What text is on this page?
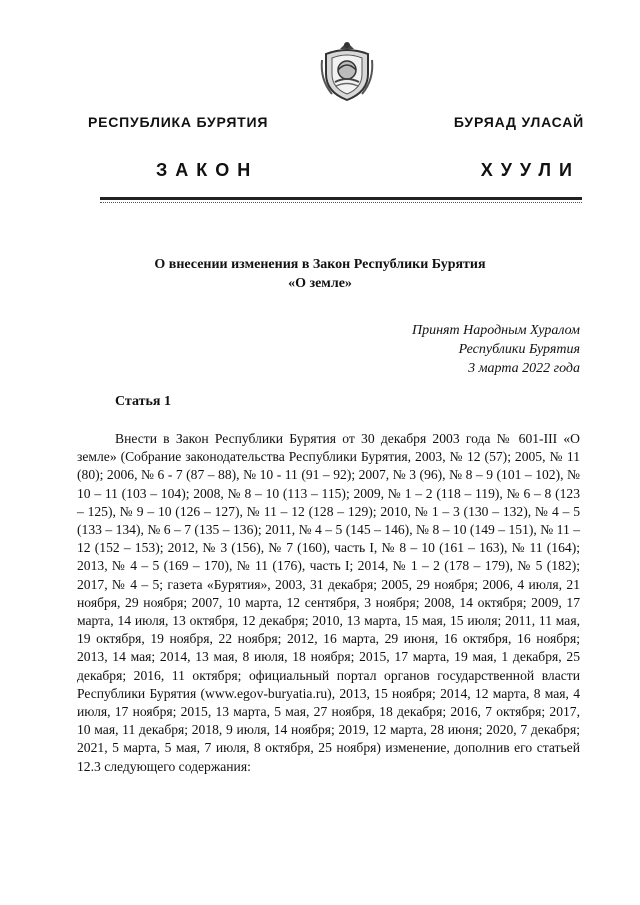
РЕСПУБЛИКА БУРЯТИЯ	БУРЯАД УЛАСАЙ
ЗАКОН	ХУУЛИ
О внесении изменения в Закон Республики Бурятия
«О земле»
Принят Народным Хуралом
Республики Бурятия
3 марта 2022 года
Статья 1

Внести в Закон Республики Бурятия от 30 декабря 2003 года № 601-III «О земле» (Собрание законодательства Республики Бурятия, 2003, № 12 (57); 2005, № 11 (80); 2006, № 6 - 7 (87 – 88), № 10 - 11 (91 – 92); 2007, № 3 (96), № 8 – 9 (101 – 102), № 10 – 11 (103 – 104); 2008, № 8 – 10 (113 – 115); 2009, № 1 – 2 (118 – 119), № 6 – 8 (123 – 125), № 9 – 10 (126 – 127), № 11 – 12 (128 – 129); 2010, № 1 – 3 (130 – 132), № 4 – 5 (133 – 134), № 6 – 7 (135 – 136); 2011, № 4 – 5 (145 – 146), № 8 – 10 (149 – 151), № 11 – 12 (152 – 153); 2012, № 3 (156), № 7 (160), часть I, № 8 – 10 (161 – 163), № 11 (164); 2013, № 4 – 5 (169 – 170), № 11 (176), часть I; 2014, № 1 – 2 (178 – 179), № 5 (182); 2017, № 4 – 5; газета «Бурятия», 2003, 31 декабря; 2005, 29 ноября; 2006, 4 июля, 21 ноября, 29 ноября; 2007, 10 марта, 12 сентября, 3 ноября; 2008, 14 октября; 2009, 17 марта, 14 июля, 13 октября, 12 декабря; 2010, 13 марта, 15 мая, 15 июля; 2011, 11 мая, 19 октября, 19 ноября, 22 ноября; 2012, 16 марта, 29 июня, 16 октября, 16 ноября; 2013, 14 мая; 2014, 13 мая, 8 июля, 18 ноября; 2015, 17 марта, 19 мая, 1 декабря, 25 декабря; 2016, 11 октября; официальный портал органов государственной власти Республики Бурятия (www.egov-buryatia.ru), 2013, 15 ноября; 2014, 12 марта, 8 мая, 4 июля, 17 ноября; 2015, 13 марта, 5 мая, 27 ноября, 18 декабря; 2016, 7 октября; 2017, 10 мая, 11 декабря; 2018, 9 июля, 14 ноября; 2019, 12 марта, 28 июня; 2020, 7 декабря; 2021, 5 марта, 5 мая, 7 июля, 8 октября, 25 ноября) изменение, дополнив его статьей 12.3 следующего содержания:
